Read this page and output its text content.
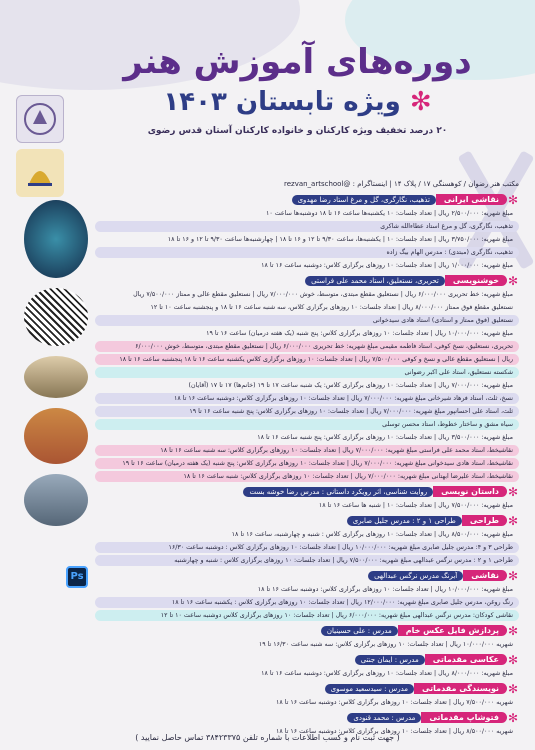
دوره‌های آموزش هنر
✻ ویژه تابستان ۱۴۰۳
۲۰ درصد تخفیف ویژه کارکنان و خانواده کارکنان آستان قدس رضوی
Ps
مکتب هنر رضوان / کوهسنگی ۱۷ / پلاک ۱۴ | اینستاگرام : @rezvan_artschool
✻
نقاشی ایرانی
تذهیب، نگارگری، گل و مرغ استاد رضا مهدوی
مبلغ شهریه: ۲/۵۰۰/۰۰۰ ریال | تعداد جلسات: ۱۰ یکشنبه‌ها ساعت ۱۶ تا ۱۸ دوشنبه‌ها ساعت ۱۰
تذهیب، نگارگری، گل و مرغ استاد عطاءالله شاکری
مبلغ شهریه: ۳/۷۵۰/۰۰۰ ریال | تعداد جلسات: ۱۰ | یکشنبه‌ها، ساعت ۹/۳۰ تا ۱۲ و ۱۶ تا ۱۸ | چهارشنبه‌ها ساعت ۹/۳۰ تا ۱۲ و ۱۶ تا ۱۸
تذهیب، نگارگری (مبتدی) : مدرس الهام بیگ زاده
مبلغ شهریه: ۱/۰۰۰/۰۰۰ ریال | تعداد جلسات: ۱۰ روزهای برگزاری کلاس: دوشنبه ساعت ۱۶ تا ۱۸
✻
خوشنویسی
تحریری، نستعلیق، استاد محمد علی فراستی
مبلغ شهریه: خط تحریری ۶/۰۰۰/۰۰۰ ریال | نستعلیق مقطع مبتدی، متوسط، خوش ۷/۰۰۰/۰۰۰ ریال | نستعلیق مقطع عالی و ممتاز ۷/۵۰۰/۰۰۰ ریال
نستعلیق مقطع فوق ممتاز ۸/۰۰۰/۰۰۰ ریال | تعداد جلسات: ۱۰ روزهای برگزاری کلاس، سه شنبه ساعت ۱۶ تا ۱۸ و پنجشنبه ساعت ۱۰ تا ۱۲
نستعلیق (فوق ممتاز و استادی) استاد هادی سیدخوانی
مبلغ شهریه: ۱۰/۰۰۰/۰۰۰ ریال | تعداد جلسات: ۱۰ روزهای برگزاری کلاس: پنج شنبه (یک هفته درمیان) ساعت ۱۶ تا ۱۹
تحریری، نستعلیق، نسخ کوفی، استاد فاطمه مقیمی مبلغ شهریه: خط تحریری ۶/۰۰۰/۰۰۰ ریال | نستعلیق مقطع مبتدی، متوسط، خوش ۶/۰۰۰/۰۰۰
ریال | نستعلیق مقطع عالی و نسخ و کوفی ۷/۵۰۰/۰۰۰ ریال | تعداد جلسات: ۱۰ روزهای برگزاری کلاس یکشنبه ساعت ۱۶ تا ۱۸ پنجشنبه ساعت ۱۶ تا ۱۸
شکسته نستعلیق، استاد علی اکبر رضوانی
مبلغ شهریه: ۷/۰۰۰/۰۰۰ ریال | تعداد جلسات: ۱۰ روزهای برگزاری کلاس: یک شنبه ساعت ۱۷ تا ۱۹ (خانم‌ها) ۱۷ تا ۱۷ (آقایان)
نسخ، ثلث، استاد فرهاد شیرخانی مبلغ شهریه: ۷/۰۰۰/۰۰۰ ریال | تعداد جلسات: ۱۰ روزهای برگزاری کلاس: دوشنبه ساعت ۱۶ تا ۱۸
ثلث، استاد علی احسانپور مبلغ شهریه: ۷/۰۰۰/۰۰۰ ریال | تعداد جلسات: ۱۰ روزهای برگزاری کلاس: پنج شنبه ساعت ۱۶ تا ۱۹
سیاه مشق و ساختار خطوط، استاد محسن توسلی
مبلغ شهریه: ۳/۵۰۰/۰۰۰ ریال | تعداد جلسات: ۱۰ روزهای برگزاری کلاس: پنج شنبه ساعت ۱۶ تا ۱۸
نقاشیخط، استاد محمد علی فراستی مبلغ شهریه: ۷/۰۰۰/۰۰۰ ریال | تعداد جلسات: ۱۰ روزهای برگزاری کلاس: سه شنبه ساعت ۱۶ تا ۱۸
نقاشیخط، استاد هادی سیدخوانی مبلغ شهریه: ۷/۰۰۰/۰۰۰ ریال | تعداد جلسات: ۱۰ روزهای برگزاری کلاس: پنج شنبه (یک هفته درمیان) ساعت ۱۶ تا ۱۹
نقاشیخط، استاد علیرضا ابهتانی مبلغ شهریه: ۷/۰۰۰/۰۰۰ ریال | تعداد جلسات: ۱۰ روزهای برگزاری کلاس: شنبه ساعت ۱۶ تا ۱۸
✻
داستان نویسی
روایت شناسی، اثر رویکرد داستانی : مدرس رضا خوشه بست
مبلغ شهریه: ۷/۵۰۰/۰۰۰ ریال | تعداد جلسات: ۱۰ | شنبه ها ساعت ۱۶ تا ۱۸
✻
طراحی
طراحی ۱ و ۲ : مدرس جلیل صابری
مبلغ شهریه: ۸/۵۰۰/۰۰۰ ریال | تعداد جلسات: ۱۰ روزهای برگزاری کلاس : شنبه و چهارشنبه، ساعت ۱۶ تا ۱۸
طراحی ۳ و ۴: مدرس جلیل صابری مبلغ شهریه: ۱۰/۰۰۰/۰۰۰ ریال | تعداد جلسات: ۱۰ روزهای برگزاری کلاس : دوشنبه ساعت ۱۶/۳۰
طراحی ۱ و ۲ : مدرس نرگس عبدالهی مبلغ شهریه: ۷/۵۰۰/۰۰۰ ریال | تعداد جلسات: ۱۰ روزهای برگزاری کلاس : شنبه و چهارشنبه
✻
نقاشی
آبرنگ مدرس نرگس عبدالهی
مبلغ شهریه: ۱۰/۰۰۰/۰۰۰ ریال | تعداد جلسات: ۱۰ روزهای برگزاری کلاس: دوشنبه ساعت ۱۶ تا ۱۸
رنگ روغن، مدرس جلیل صابری مبلغ شهریه: ۱۲/۰۰۰/۰۰۰ ریال | تعداد جلسات: ۱۰ روزهای برگزاری کلاس : یکشنبه ساعت ۱۶ تا ۱۸
نقاشی کودکان: مدرس نرگس عبدالهی مبلغ شهریه: ۶/۰۰۰/۰۰۰ ریال | تعداد جلسات: ۱۰ روزهای برگزاری کلاس دوشنبه ساعت ۱۰ تا ۱۲
✻
پردازش فایل عکس خام
مدرس : علی حسینیان
شهریه ۱۰/۰۰۰/۰۰۰ ریال | تعداد جلسات: ۱۰ روزهای برگزاری کلاس: سه شنبه ساعت ۱۶/۳۰ تا ۱۹
✻
عکاسی مقدماتی
مدرس : ایمان جنتی
مبلغ شهریه: ۸/۰۰۰/۰۰۰ ریال | تعداد جلسات: ۱۰ روزهای برگزاری کلاس: دوشنبه ساعت ۱۶ تا ۱۸
✻
نویسندگی مقدماتی
مدرس : سیدسعید موسوی
شهریه ۷/۵۰۰/۰۰۰ ریال | تعداد جلسات: ۱۰ روزهای برگزاری کلاس: دوشنبه ساعت ۱۶ تا ۱۸
✻
فتوشاپ مقدماتی
مدرس : محمد قنودی
شهریه ۸/۵۰۰/۰۰۰ ریال | تعداد جلسات: ۱۰ روزهای برگزاری کلاس: دوشنبه ساعت ۱۶ تا ۱۸
( جهت ثبت نام و کسب اطلاعات با شماره تلفن ۳۸۴۲۳۳۷۵ تماس حاصل نمایید )
